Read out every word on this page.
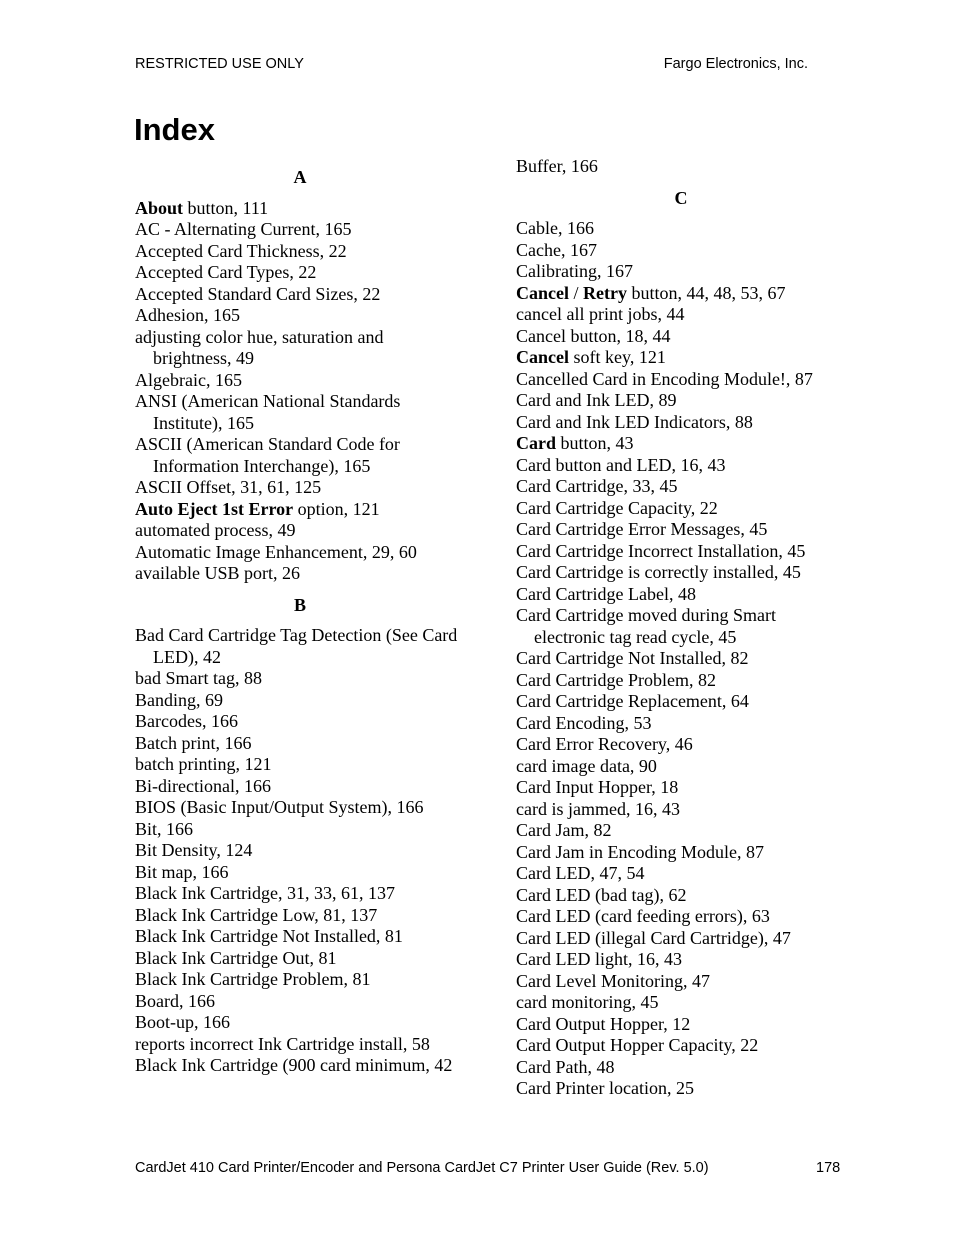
RESTRICTED USE ONLY	Fargo Electronics, Inc.
Index
A
About button, 111
AC - Alternating Current, 165
Accepted Card Thickness, 22
Accepted Card Types, 22
Accepted Standard Card Sizes, 22
Adhesion, 165
adjusting color hue, saturation and brightness, 49
Algebraic, 165
ANSI (American National Standards Institute), 165
ASCII (American Standard Code for Information Interchange), 165
ASCII Offset, 31, 61, 125
Auto Eject 1st Error option, 121
automated process, 49
Automatic Image Enhancement, 29, 60
available USB port, 26
B
Bad Card Cartridge Tag Detection (See Card LED), 42
bad Smart tag, 88
Banding, 69
Barcodes, 166
Batch print, 166
batch printing, 121
Bi-directional, 166
BIOS (Basic Input/Output System), 166
Bit, 166
Bit Density, 124
Bit map, 166
Black Ink Cartridge, 31, 33, 61, 137
Black Ink Cartridge Low, 81, 137
Black Ink Cartridge Not Installed, 81
Black Ink Cartridge Out, 81
Black Ink Cartridge Problem, 81
Board, 166
Boot-up, 166
reports incorrect Ink Cartridge install, 58
Black Ink Cartridge (900 card minimum, 42
Buffer, 166
C
Cable, 166
Cache, 167
Calibrating, 167
Cancel / Retry button, 44, 48, 53, 67
cancel all print jobs, 44
Cancel button, 18, 44
Cancel soft key, 121
Cancelled Card in Encoding Module!, 87
Card and Ink LED, 89
Card and Ink LED Indicators, 88
Card button, 43
Card button and LED, 16, 43
Card Cartridge, 33, 45
Card Cartridge Capacity, 22
Card Cartridge Error Messages, 45
Card Cartridge Incorrect Installation, 45
Card Cartridge is correctly installed, 45
Card Cartridge Label, 48
Card Cartridge moved during Smart electronic tag read cycle, 45
Card Cartridge Not Installed, 82
Card Cartridge Problem, 82
Card Cartridge Replacement, 64
Card Encoding, 53
Card Error Recovery, 46
card image data, 90
Card Input Hopper, 18
card is jammed, 16, 43
Card Jam, 82
Card Jam in Encoding Module, 87
Card LED, 47, 54
Card LED (bad tag), 62
Card LED (card feeding errors), 63
Card LED (illegal Card Cartridge), 47
Card LED light, 16, 43
Card Level Monitoring, 47
card monitoring, 45
Card Output Hopper, 12
Card Output Hopper Capacity, 22
Card Path, 48
Card Printer location, 25
CardJet 410 Card Printer/Encoder and Persona CardJet C7 Printer User Guide (Rev. 5.0)	178
